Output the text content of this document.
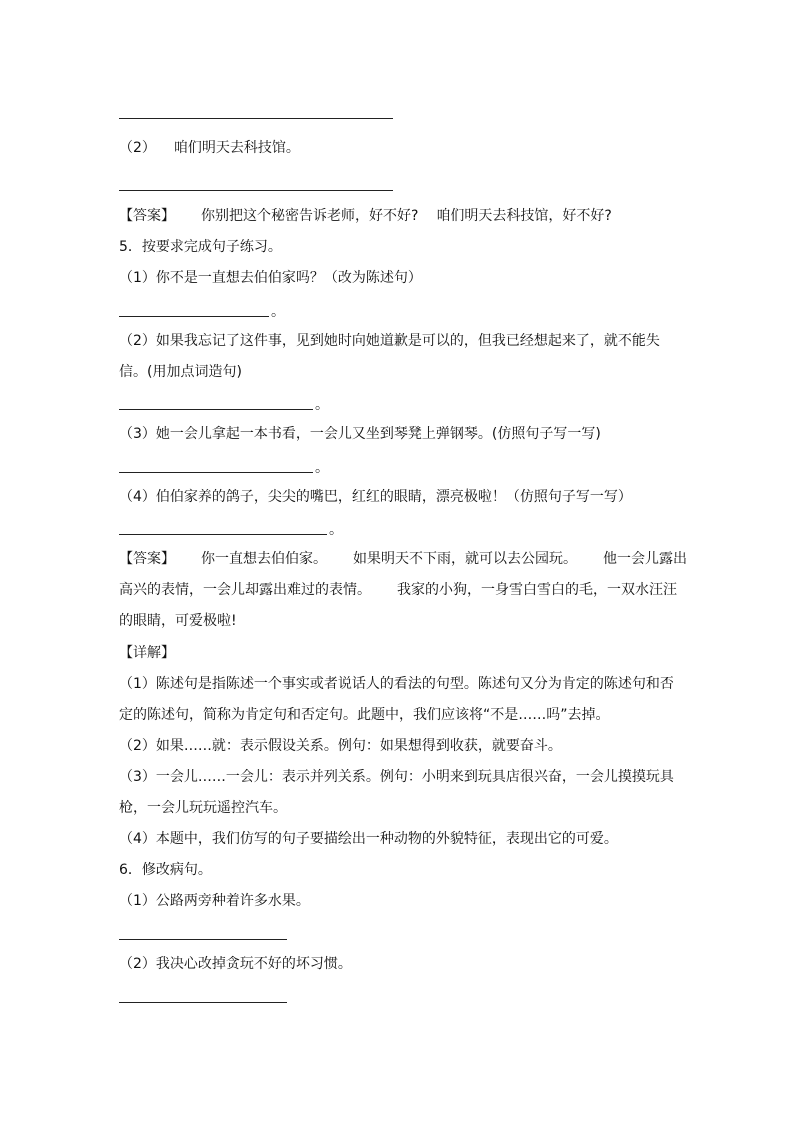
（2） 咱们明天去科技馆。
【答案】 你别把这个秘密告诉老师，好不好? 咱们明天去科技馆，好不好?
5．按要求完成句子练习。
（1）你不是一直想去伯伯家吗？（改为陈述句）
。
（2）如果我忘记了这件事，见到她时向她道歉是可以的，但我已经想起来了，就不能失
信。(用加点词造句)
。
（3）她一会儿拿起一本书看，一会儿又坐到琴凳上弹钢琴。(仿照句子写一写)
。
（4）伯伯家养的鸽子，尖尖的嘴巴，红红的眼睛，漂亮极啦！（仿照句子写一写）
。
【答案】 你一直想去伯伯家。 如果明天不下雨，就可以去公园玩。 他一会儿露出
高兴的表情，一会儿却露出难过的表情。 我家的小狗，一身雪白雪白的毛，一双水汪汪
的眼睛，可爱极啦!
【详解】
（1）陈述句是指陈述一个事实或者说话人的看法的句型。陈述句又分为肯定的陈述句和否
定的陈述句，简称为肯定句和否定句。此题中，我们应该将“不是……吗”去掉。
（2）如果……就：表示假设关系。例句：如果想得到收获，就要奋斗。
（3）一会儿……一会儿：表示并列关系。例句：小明来到玩具店很兴奋，一会儿摸摸玩具
枪，一会儿玩玩遥控汽车。
（4）本题中，我们仿写的句子要描绘出一种动物的外貌特征，表现出它的可爱。
6．修改病句。
（1）公路两旁种着许多水果。
（2）我决心改掉贪玩不好的坏习惯。
